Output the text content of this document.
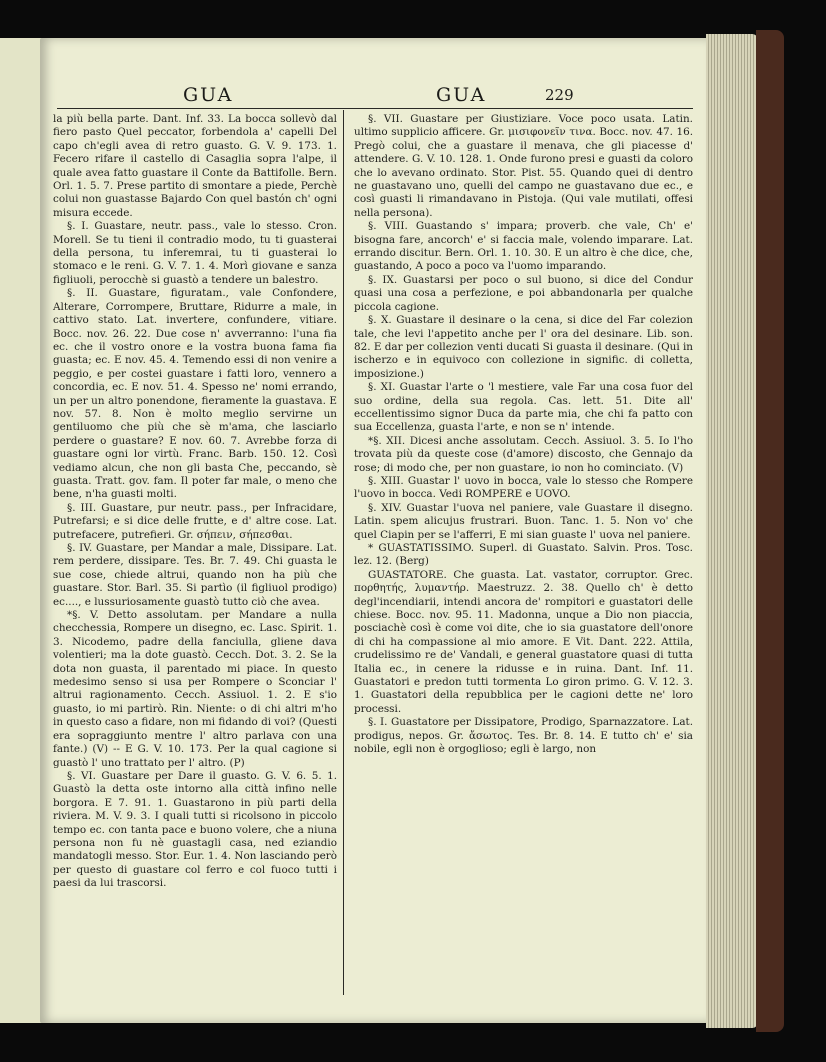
GUA	GUA	229

la più bella parte. Dant. Inf. 33. La bocca sollevò dal fiero pasto Quel peccator, forbendola a' capelli Del capo ch'egli avea di retro guasto. G. V. 9. 173. 1. Fecero rifare il castello di Casaglia sopra l'alpe, il quale avea fatto guastare il Conte da Battifolle. Bern. Orl. 1. 5. 7. Prese partito di smontare a piede, Perchè colui non guastasse Bajardo Con quel bastón ch' ogni misura eccede.

§. I. Guastare, neutr. pass., vale lo stesso. Cron. Morell. Se tu tieni il contradio modo, tu ti guasterai della persona, tu inferemrai, tu ti guasterai lo stomaco e le reni. G. V. 7. 1. 4. Morì giovane e sanza figliuoli, perocchè si guastò a tendere un balestro.

§. II. Guastare, figuratam., vale Confondere, Alterare, Corrompere, Bruttare, Ridurre a male, in cattivo stato. Lat. invertere, confundere, vitiare. Bocc. nov. 26. 22. Due cose n' avverranno: l'una fia ec. che il vostro onore e la vostra buona fama fia guasta; ec. E nov. 45. 4. Temendo essi di non venire a peggio, e per costei guastare i fatti loro, vennero a concordia, ec. E nov. 51. 4. Spesso ne' nomi errando, un per un altro ponendone, fieramente la guastava. E nov. 57. 8. Non è molto meglio servirne un gentiluomo che più che sè m'ama, che lasciarlo perdere o guastare? E nov. 60. 7. Avrebbe forza di guastare ogni lor virtù. Franc. Barb. 150. 12. Così vediamo alcun, che non gli basta Che, peccando, sè guasta. Tratt. gov. fam. Il poter far male, o meno che bene, n'ha guasti molti.

§. III. Guastare, pur neutr. pass., per Infracidare, Putrefarsi; e si dice delle frutte, e d' altre cose. Lat. putrefacere, putrefieri. Gr. σήπειν, σήπεσθαι.

§. IV. Guastare, per Mandar a male, Dissipare. Lat. rem perdere, dissipare. Tes. Br. 7. 49. Chi guasta le sue cose, chiede altrui, quando non ha più che guastare. Stor. Barl. 35. Si partìo (il figliuol prodigo) ec...., e lussuriosamente guastò tutto ciò che avea.

*§. V. Detto assolutam. per Mandare a nulla checchessia, Rompere un disegno, ec. Lasc. Spirit. 1. 3. Nicodemo, padre della fanciulla, gliene dava volentieri; ma la dote guastò. Cecch. Dot. 3. 2. Se la dota non guasta, il parentado mi piace. In questo medesimo senso si usa per Rompere o Sconciar l' altrui ragionamento. Cecch. Assiuol. 1. 2. E s'io guasto, io mi partirò. Rin. Niente: o di chi altri m'ho in questo caso a fidare, non mi fidando di voi? (Questi era sopraggiunto mentre l' altro parlava con una fante.) (V) -- E G. V. 10. 173. Per la qual cagione si guastò l' uno trattato per l' altro. (P)

§. VI. Guastare per Dare il guasto. G. V. 6. 5. 1. Guastò la detta oste intorno alla città infino nelle borgora. E 7. 91. 1. Guastarono in più parti della riviera. M. V. 9. 3. I quali tutti si ricolsono in piccolo tempo ec. con tanta pace e buono volere, che a niuna persona non fu nè guastagli casa, ned eziandio mandatogli messo. Stor. Eur. 1. 4. Non lasciando però per questo di guastare col ferro e col fuoco tutti i paesi da lui trascorsi.

§. VII. Guastare per Giustiziare. Voce poco usata. Latin. ultimo supplicio afficere. Gr. μισιφονεῖν τινα. Bocc. nov. 47. 16. Pregò colui, che a guastare il menava, che gli piacesse d' attendere. G. V. 10. 128. 1. Onde furono presi e guasti da coloro che lo avevano ordinato. Stor. Pist. 55. Quando quei di dentro ne guastavano uno, quelli del campo ne guastavano due ec., e così guasti li rimandavano in Pistoja. (Qui vale mutilati, offesi nella persona).

§. VIII. Guastando s' impara; proverb. che vale, Ch' e' bisogna fare, ancorch' e' si faccia male, volendo imparare. Lat. errando discitur. Bern. Orl. 1. 10. 30. E un altro è che dice, che, guastando, A poco a poco va l'uomo imparando.

§. IX. Guastarsi per poco o sul buono, si dice del Condur quasi una cosa a perfezione, e poi abbandonarla per qualche piccola cagione.

§. X. Guastare il desinare o la cena, si dice del Far colezion tale, che levi l'appetito anche per l' ora del desinare. Lib. son. 82. E dar per collezion venti ducati Si guasta il desinare. (Qui in ischerzo e in equivoco con collezione in signific. di colletta, imposizione.)

§. XI. Guastar l'arte o 'l mestiere, vale Far una cosa fuor del suo ordine, della sua regola. Cas. lett. 51. Dite all' eccellentissimo signor Duca da parte mia, che chi fa patto con sua Eccellenza, guasta l'arte, e non se n' intende.

*§. XII. Dicesi anche assolutam. Cecch. Assiuol. 3. 5. Io l'ho trovata più da queste cose (d'amore) discosto, che Gennajo da rose; di modo che, per non guastare, io non ho cominciato. (V)

§. XIII. Guastar l' uovo in bocca, vale lo stesso che Rompere l'uovo in bocca. Vedi ROMPERE e UOVO.

§. XIV. Guastar l'uova nel paniere, vale Guastare il disegno. Latin. spem alicujus frustrari. Buon. Tanc. 1. 5. Non vo' che quel Ciapin per se l'afferri, E mi sian guaste l' uova nel paniere.

* GUASTATISSIMO. Superl. di Guastato. Salvin. Pros. Tosc. lez. 12. (Berg)

GUASTATORE. Che guasta. Lat. vastator, corruptor. Grec. πορθητής, λυμαντήρ. Maestruzz. 2. 38. Quello ch' è detto degl'incendiarii, intendi ancora de' rompitori e guastatori delle chiese. Bocc. nov. 95. 11. Madonna, unque a Dio non piaccia, posciachè così è come voi dite, che io sia guastatore dell'onore di chi ha compassione al mio amore. E Vit. Dant. 222. Attila, crudelissimo re de' Vandali, e general guastatore quasi di tutta Italia ec., in cenere la ridusse e in ruina. Dant. Inf. 11. Guastatori e predon tutti tormenta Lo giron primo. G. V. 12. 3. 1. Guastatori della repubblica per le cagioni dette ne' loro processi.

§. I. Guastatore per Dissipatore, Prodigo, Sparnazzatore. Lat. prodigus, nepos. Gr. ἄσωτος. Tes. Br. 8. 14. E tutto ch' e' sia nobile, egli non è orgoglioso; egli è largo, non
